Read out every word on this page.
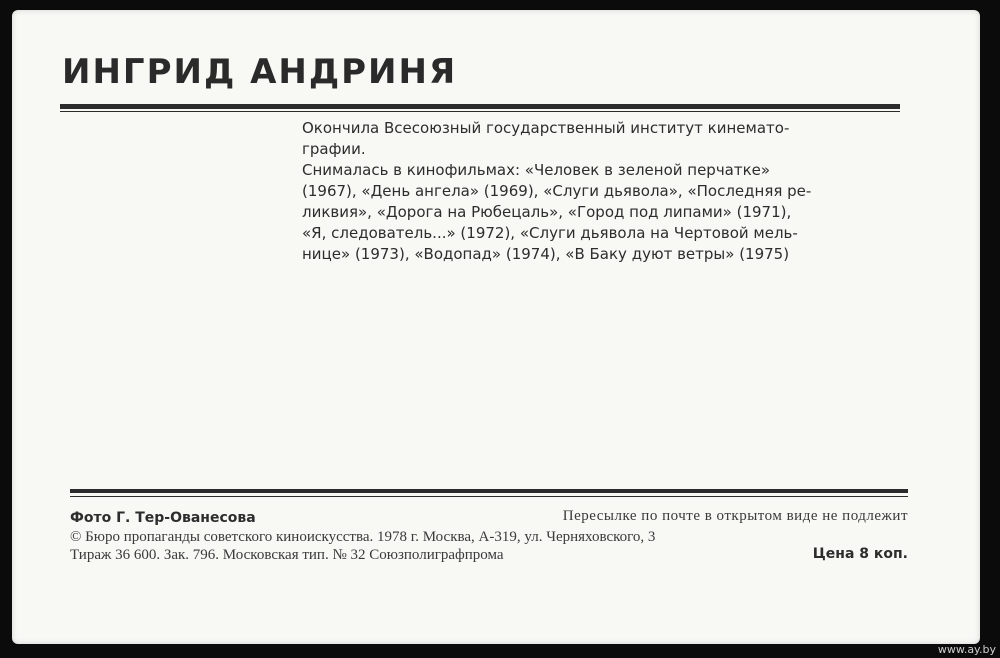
ИНГРИД АНДРИНЯ

Окончила Всесоюзный государственный институт кинемато-

графии.

Снималась в кинофильмах: «Человек в зеленой перчатке»

(1967), «День ангела» (1969), «Слуги дьявола», «Последняя ре-

ликвия», «Дорога на Рюбецаль», «Город под липами» (1971),

«Я, следователь...» (1972), «Слуги дьявола на Чертовой мель-

нице» (1973), «Водопад» (1974), «В Баку дуют ветры» (1975)

Фото Г. Тер-Ованесова	Пересылке по почте в открытом виде не подлежит
© Бюро пропаганды советского киноискусства. 1978 г. Москва, А-319, ул. Черняховского, 3
Тираж 36 600. Зак. 796. Московская тип. № 32 Союзполиграфпрома	Цена 8 коп.
www.ay.by
